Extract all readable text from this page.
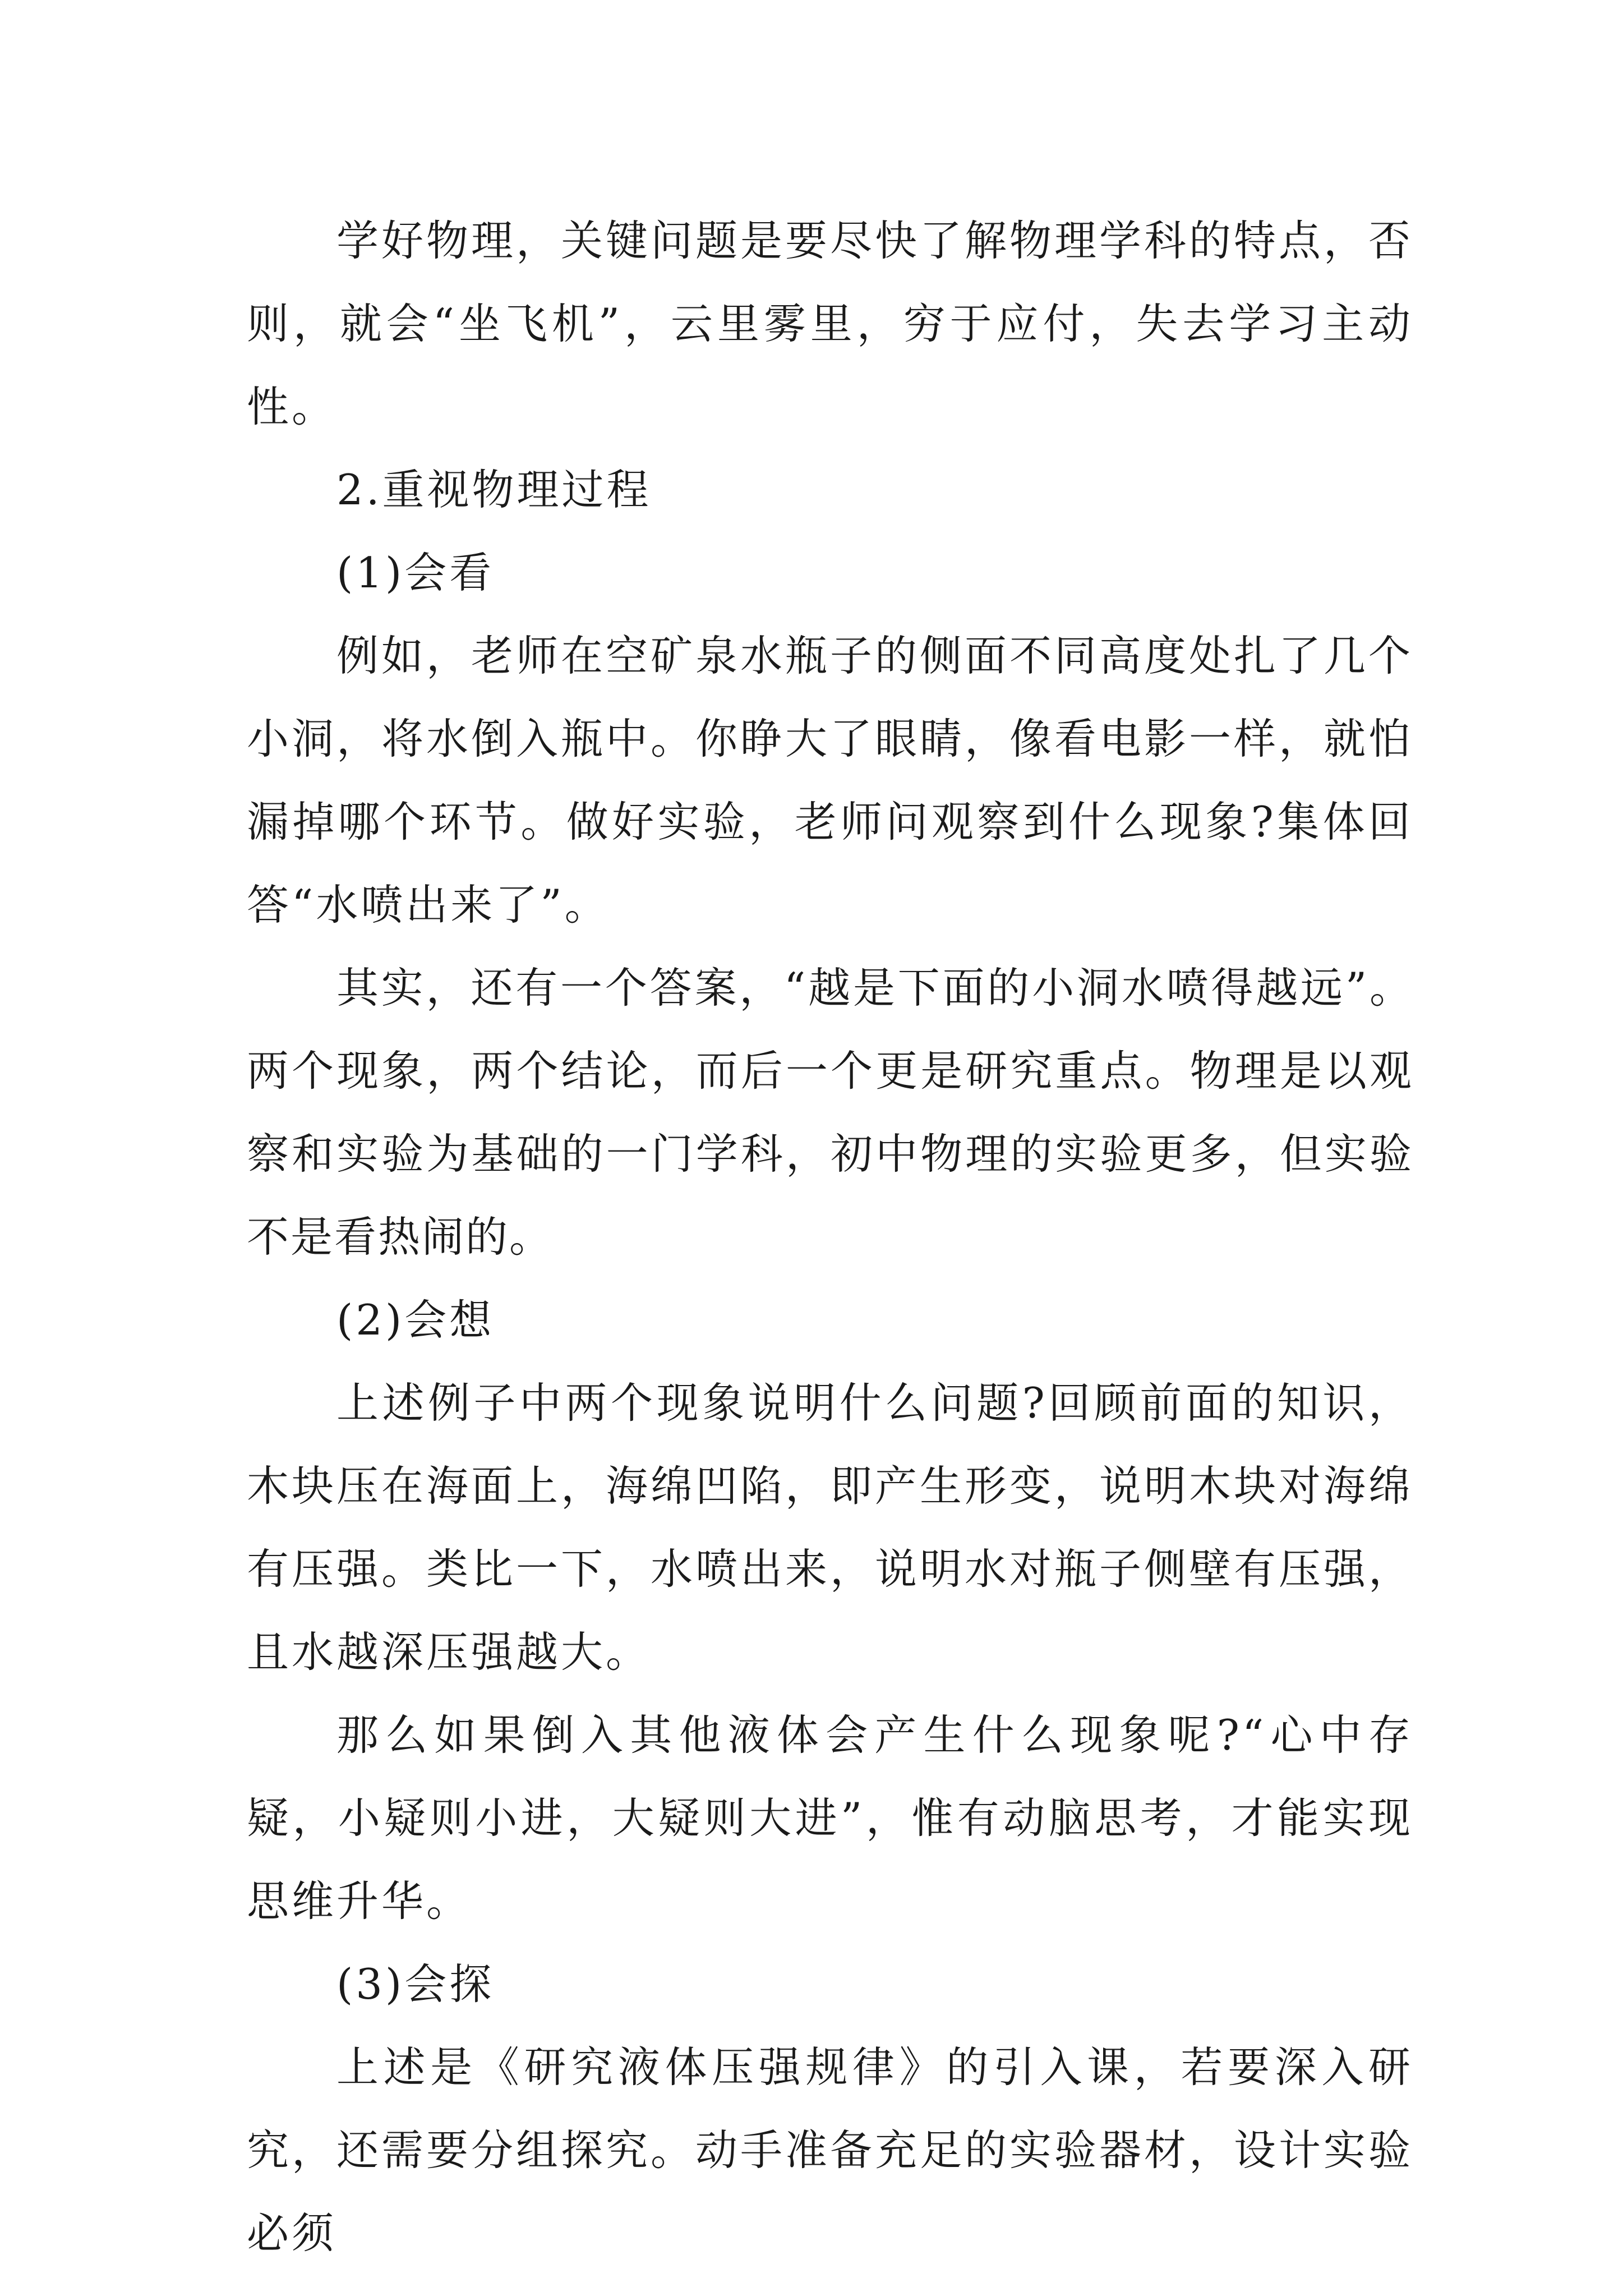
学好物理，关键问题是要尽快了解物理学科的特点，否则，就会“坐飞机”，云里雾里，穷于应付，失去学习主动性。

2.重视物理过程

(1)会看

例如，老师在空矿泉水瓶子的侧面不同高度处扎了几个小洞，将水倒入瓶中。你睁大了眼睛，像看电影一样，就怕漏掉哪个环节。做好实验，老师问观察到什么现象?集体回答“水喷出来了”。

其实，还有一个答案，“越是下面的小洞水喷得越远”。两个现象，两个结论，而后一个更是研究重点。物理是以观察和实验为基础的一门学科，初中物理的实验更多，但实验不是看热闹的。

(2)会想

上述例子中两个现象说明什么问题?回顾前面的知识，木块压在海面上，海绵凹陷，即产生形变，说明木块对海绵有压强。类比一下，水喷出来，说明水对瓶子侧壁有压强，且水越深压强越大。

那么如果倒入其他液体会产生什么现象呢?“心中存疑，小疑则小进，大疑则大进”，惟有动脑思考，才能实现思维升华。

(3)会探

上述是《研究液体压强规律》的引入课，若要深入研究，还需要分组探究。动手准备充足的实验器材，设计实验必须
